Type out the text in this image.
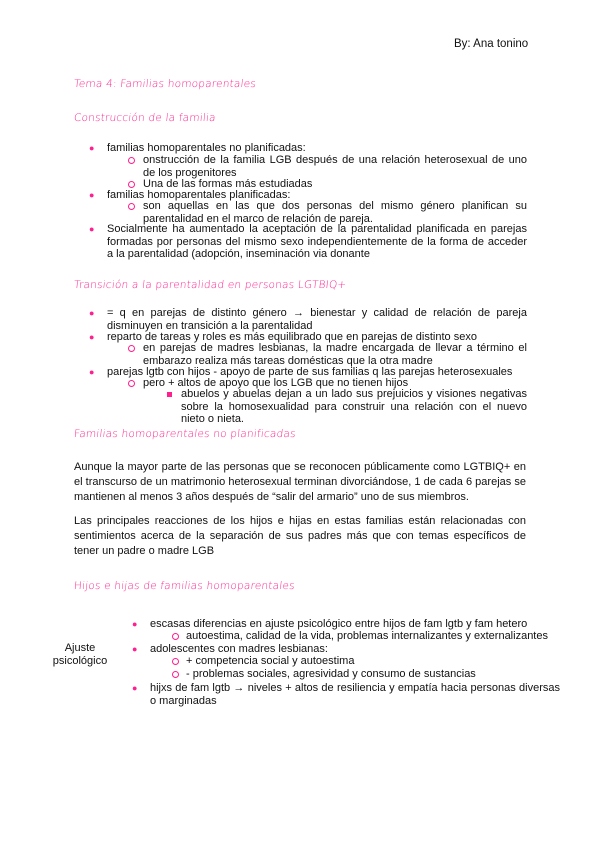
By: Ana tonino
Tema 4: Familias homoparentales
Construcción de la familia
● familias homoparentales no planificadas:
onstrucción de la familia LGB después de una relación heterosexual de uno de los progenitores
Una de las formas más estudiadas
● familias homoparentales planificadas:
son aquellas en las que dos personas del mismo género planifican su parentalidad en el marco de relación de pareja.
● Socialmente ha aumentado la aceptación de la parentalidad planificada en parejas formadas por personas del mismo sexo independientemente de la forma de acceder a la parentalidad (adopción, inseminación via donante
Transición a la parentalidad en personas LGTBIQ+
● = q en parejas de distinto género → bienestar y calidad de relación de pareja disminuyen en transición a la parentalidad
● reparto de tareas y roles es más equilibrado que en parejas de distinto sexo
en parejas de madres lesbianas, la madre encargada de llevar a término el embarazo realiza más tareas domésticas que la otra madre
● parejas lgtb con hijos - apoyo de parte de sus familias q las parejas heterosexuales
pero + altos de apoyo que los LGB que no tienen hijos
abuelos y abuelas dejan a un lado sus prejuicios y visiones negativas sobre la homosexualidad para construir una relación con el nuevo nieto o nieta.
Familias homoparentales no planificadas
Aunque la mayor parte de las personas que se reconocen públicamente como LGTBIQ+ en el transcurso de un matrimonio heterosexual terminan divorciándose, 1 de cada 6 parejas se mantienen al menos 3 años después de “salir del armario” uno de sus miembros.
Las principales reacciones de los hijos e hijas en estas familias están relacionadas con sentimientos acerca de la separación de sus padres más que con temas específicos de tener un padre o madre LGB
Hijos e hijas de familias homoparentales
Ajuste psicológico
● escasas diferencias en ajuste psicológico entre hijos de fam lgtb y fam hetero
autoestima, calidad de la vida, problemas internalizantes y externalizantes
● adolescentes con madres lesbianas:
+ competencia social y autoestima
- problemas sociales, agresividad y consumo de sustancias
● hijxs de fam lgtb → niveles + altos de resiliencia y empatía hacia personas diversas o marginadas
